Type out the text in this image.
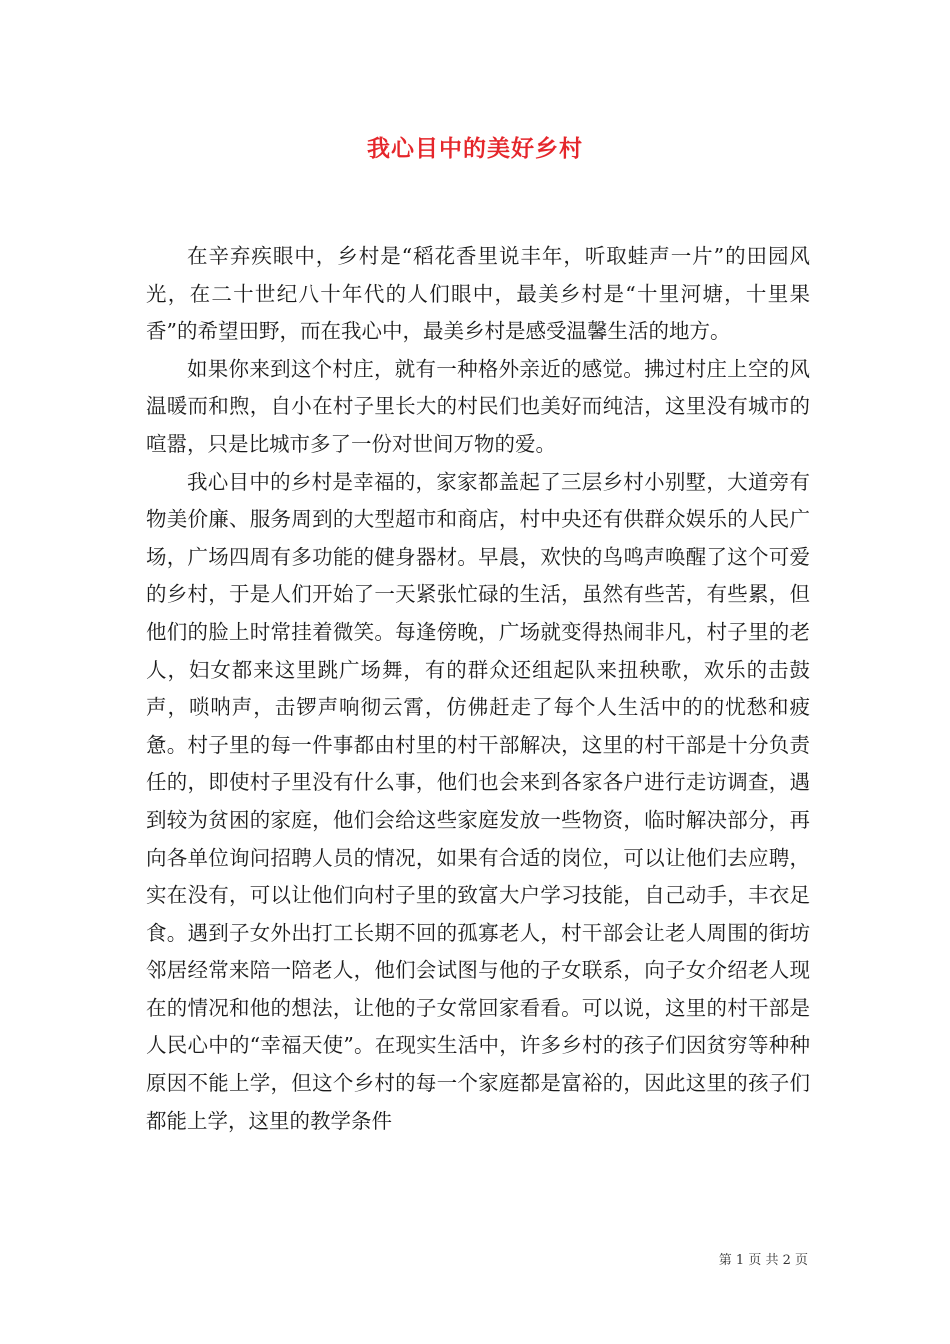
我心目中的美好乡村

在辛弃疾眼中，乡村是“稻花香里说丰年，听取蛙声一片”的田园风光，在二十世纪八十年代的人们眼中，最美乡村是“十里河塘，十里果香”的希望田野，而在我心中，最美乡村是感受温馨生活的地方。

如果你来到这个村庄，就有一种格外亲近的感觉。拂过村庄上空的风温暖而和煦，自小在村子里长大的村民们也美好而纯洁，这里没有城市的喧嚣，只是比城市多了一份对世间万物的爱。

我心目中的乡村是幸福的，家家都盖起了三层乡村小别墅，大道旁有物美价廉、服务周到的大型超市和商店，村中央还有供群众娱乐的人民广场，广场四周有多功能的健身器材。早晨，欢快的鸟鸣声唤醒了这个可爱的乡村，于是人们开始了一天紧张忙碌的生活，虽然有些苦，有些累，但他们的脸上时常挂着微笑。每逢傍晚，广场就变得热闹非凡，村子里的老人，妇女都来这里跳广场舞，有的群众还组起队来扭秧歌，欢乐的击鼓声，唢呐声，击锣声响彻云霄，仿佛赶走了每个人生活中的的忧愁和疲惫。村子里的每一件事都由村里的村干部解决，这里的村干部是十分负责任的，即使村子里没有什么事，他们也会来到各家各户进行走访调查，遇到较为贫困的家庭，他们会给这些家庭发放一些物资，临时解决部分，再向各单位询问招聘人员的情况，如果有合适的岗位，可以让他们去应聘，实在没有，可以让他们向村子里的致富大户学习技能，自己动手，丰衣足食。遇到子女外出打工长期不回的孤寡老人，村干部会让老人周围的街坊邻居经常来陪一陪老人，他们会试图与他的子女联系，向子女介绍老人现在的情况和他的想法，让他的子女常回家看看。可以说，这里的村干部是人民心中的“幸福天使”。在现实生活中，许多乡村的孩子们因贫穷等种种原因不能上学，但这个乡村的每一个家庭都是富裕的，因此这里的孩子们都能上学，这里的教学条件

第 1 页 共 2 页
